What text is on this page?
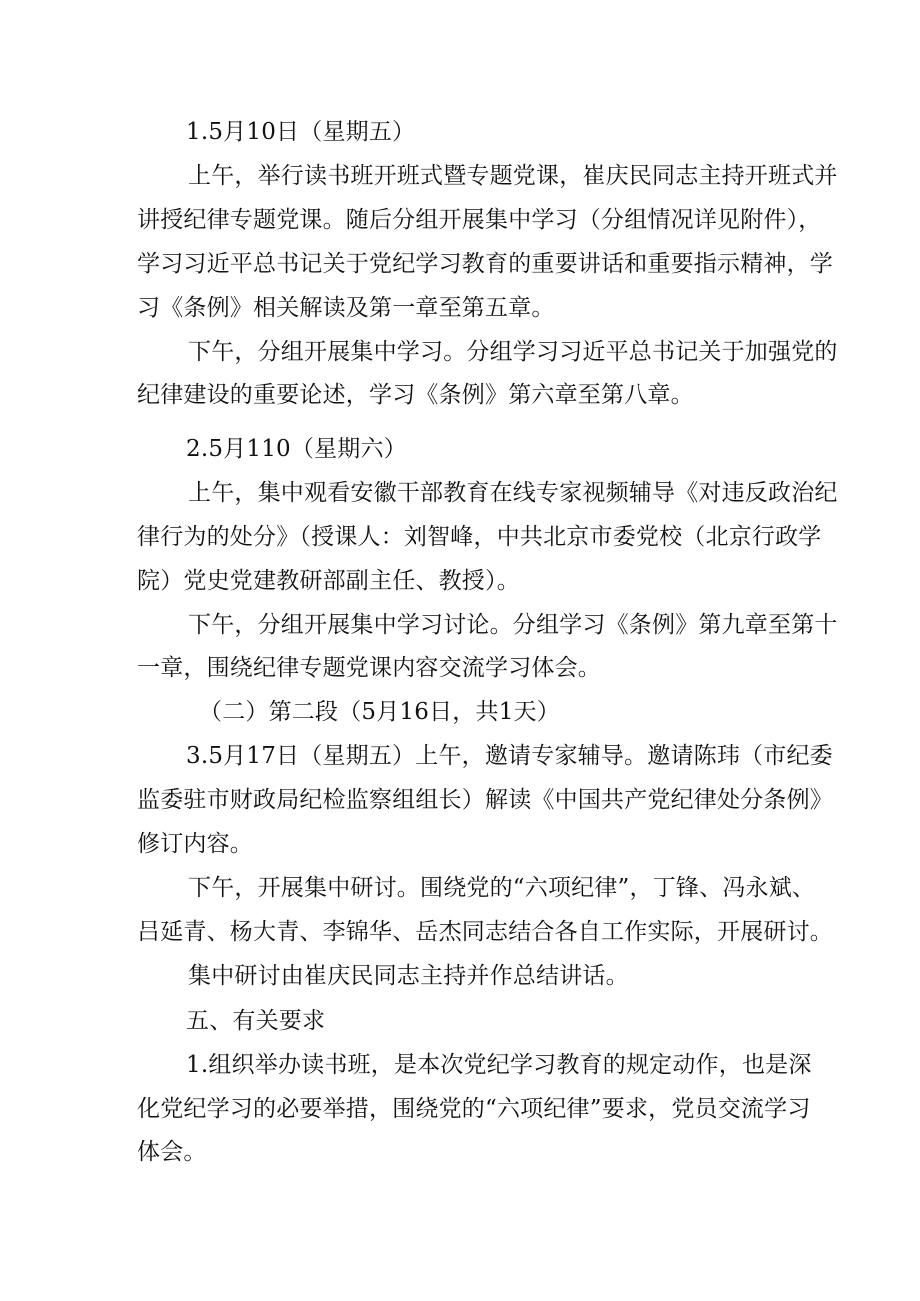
1.5月10日（星期五）
上午，举行读书班开班式暨专题党课，崔庆民同志主持开班式并
讲授纪律专题党课。随后分组开展集中学习（分组情况详见附件），
学习习近平总书记关于党纪学习教育的重要讲话和重要指示精神，学
习《条例》相关解读及第一章至第五章。
下午，分组开展集中学习。分组学习习近平总书记关于加强党的
纪律建设的重要论述，学习《条例》第六章至第八章。
2.5月110（星期六）
上午，集中观看安徽干部教育在线专家视频辅导《对违反政治纪
律行为的处分》（授课人：刘智峰，中共北京市委党校（北京行政学
院）党史党建教研部副主任、教授）。
下午，分组开展集中学习讨论。分组学习《条例》第九章至第十
一章，围绕纪律专题党课内容交流学习体会。
（二）第二段（5月16日，共1天）
3.5月17日（星期五）上午，邀请专家辅导。邀请陈玮（市纪委
监委驻市财政局纪检监察组组长）解读《中国共产党纪律处分条例》
修订内容。
下午，开展集中研讨。围绕党的“六项纪律”，丁锋、冯永斌、
吕延青、杨大青、李锦华、岳杰同志结合各自工作实际，开展研讨。
集中研讨由崔庆民同志主持并作总结讲话。
五、有关要求
1.组织举办读书班，是本次党纪学习教育的规定动作，也是深
化党纪学习的必要举措，围绕党的“六项纪律”要求，党员交流学习
体会。
